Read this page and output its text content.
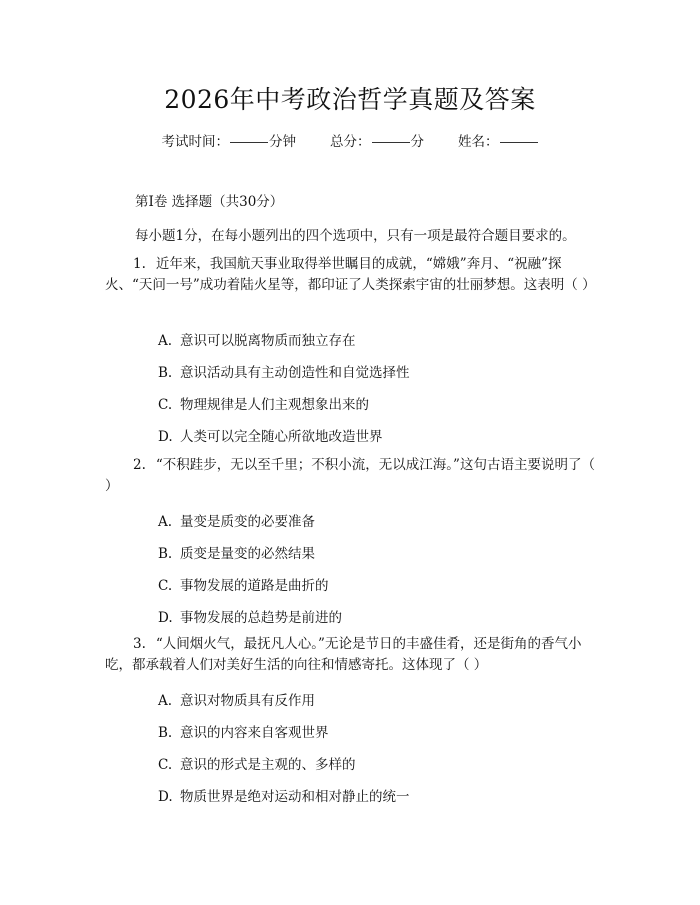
2026年中考政治哲学真题及答案
考试时间：	分钟	总分：	分	姓名：
第Ⅰ卷 选择题（共30分）
每小题1分，在每小题列出的四个选项中，只有一项是最符合题目要求的。
1. 近年来，我国航天事业取得举世瞩目的成就，“嫦娥”奔月、“祝融”探火、“天问一号”成功着陆火星等，都印证了人类探索宇宙的壮丽梦想。这表明（ ）
A. 意识可以脱离物质而独立存在
B. 意识活动具有主动创造性和自觉选择性
C. 物理规律是人们主观想象出来的
D. 人类可以完全随心所欲地改造世界
2. “不积跬步，无以至千里；不积小流，无以成江海。”这句古语主要说明了（ ）
A. 量变是质变的必要准备
B. 质变是量变的必然结果
C. 事物发展的道路是曲折的
D. 事物发展的总趋势是前进的
3. “人间烟火气，最抚凡人心。”无论是节日的丰盛佳肴，还是街角的香气小吃，都承载着人们对美好生活的向往和情感寄托。这体现了（ ）
A. 意识对物质具有反作用
B. 意识的内容来自客观世界
C. 意识的形式是主观的、多样的
D. 物质世界是绝对运动和相对静止的统一
